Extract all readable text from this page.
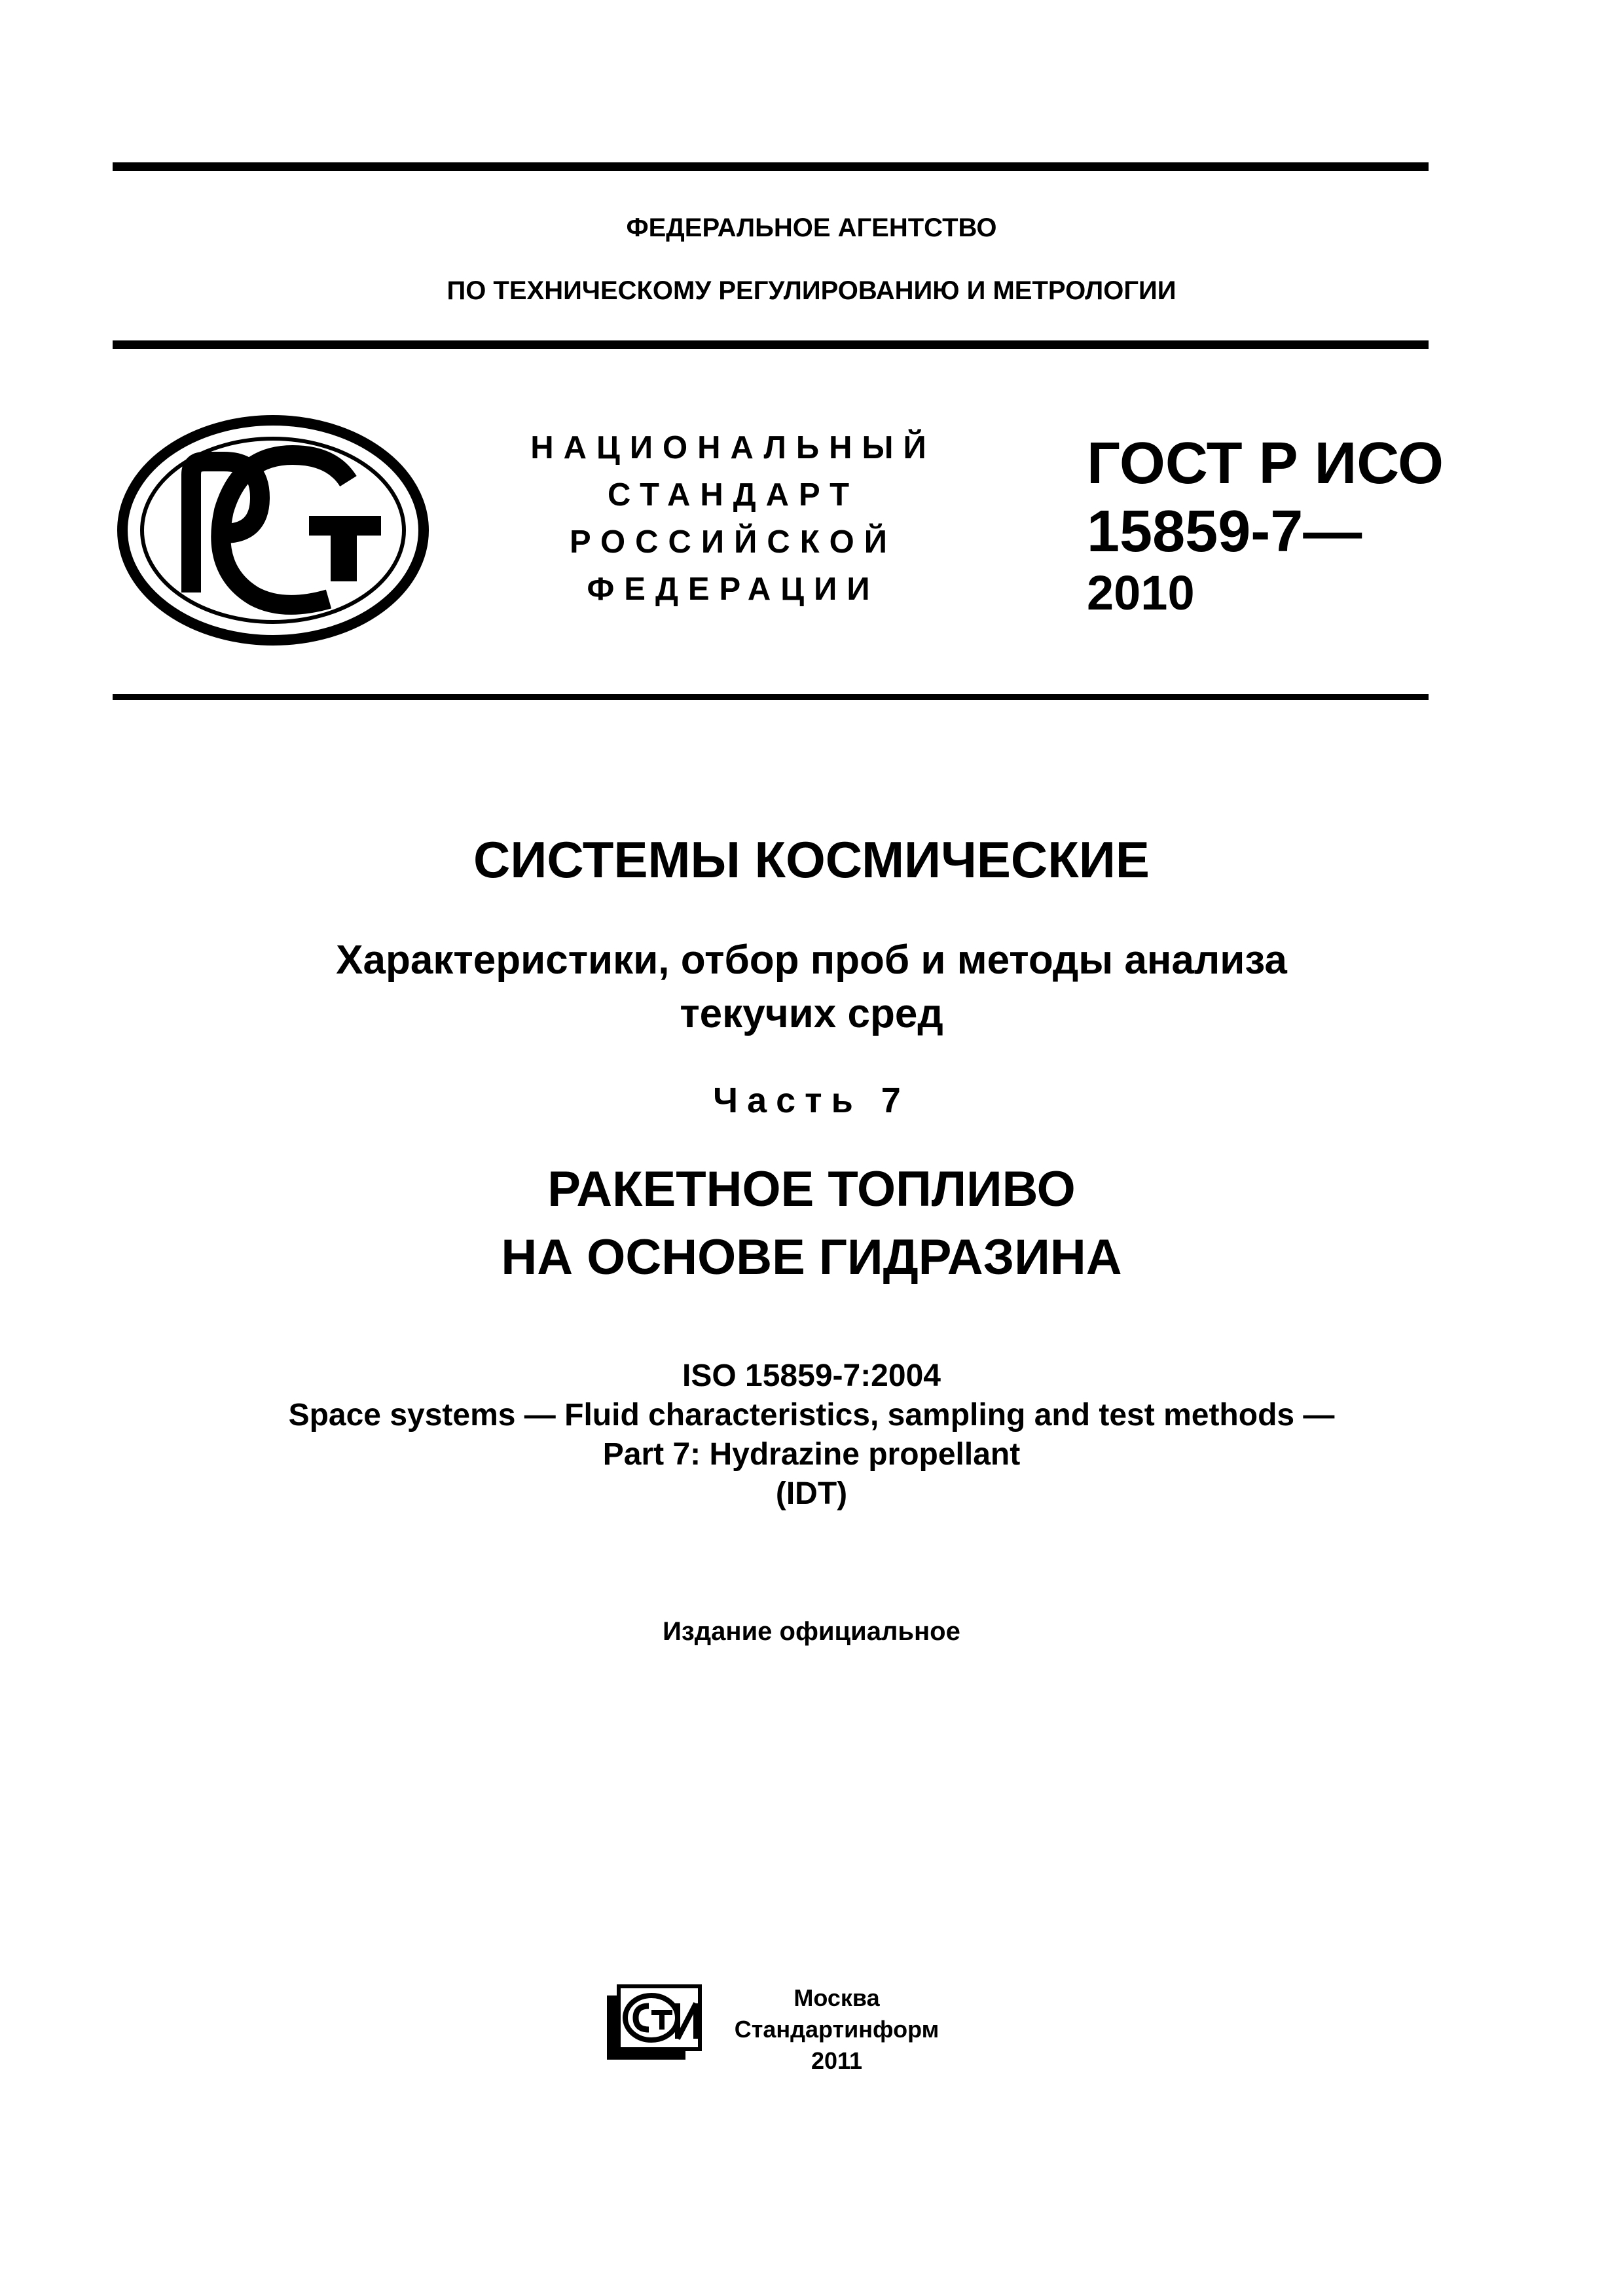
ФЕДЕРАЛЬНОЕ АГЕНТСТВО
ПО ТЕХНИЧЕСКОМУ РЕГУЛИРОВАНИЮ И МЕТРОЛОГИИ
НАЦИОНАЛЬНЫЙ
СТАНДАРТ
РОССИЙСКОЙ
ФЕДЕРАЦИИ
ГОСТ Р ИСО
15859-7—
2010
СИСТЕМЫ КОСМИЧЕСКИЕ
Характеристики, отбор проб и методы анализа
текучих сред
Часть 7
РАКЕТНОЕ ТОПЛИВО
НА ОСНОВЕ ГИДРАЗИНА
ISO 15859-7:2004
Space systems — Fluid characteristics, sampling and test methods —
Part 7: Hydrazine propellant
(IDT)
Издание официальное
Москва
Стандартинформ
2011
